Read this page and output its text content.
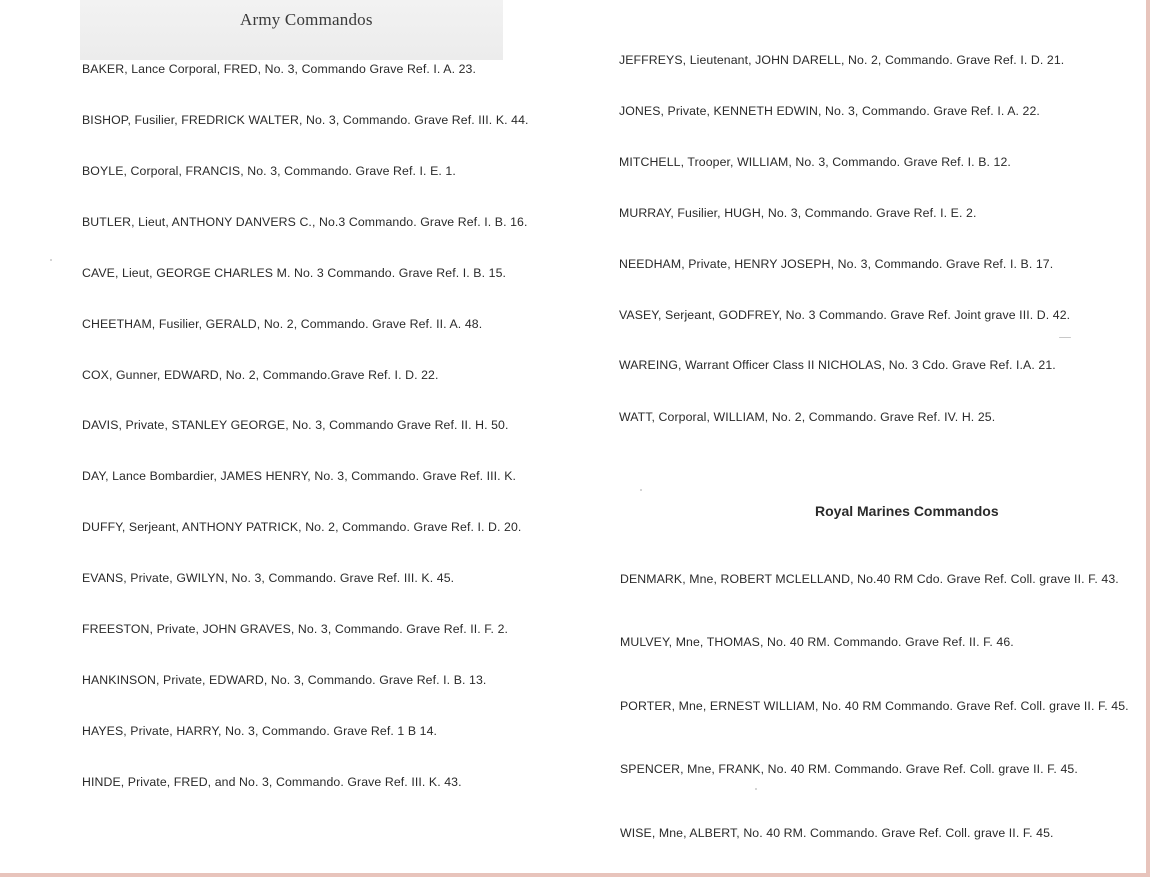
Army Commandos
BAKER, Lance Corporal, FRED, No. 3, Commando Grave Ref. I. A. 23.
BISHOP, Fusilier, FREDRICK WALTER, No. 3, Commando. Grave Ref. III. K. 44.
BOYLE, Corporal, FRANCIS, No. 3, Commando. Grave Ref. I. E. 1.
BUTLER, Lieut, ANTHONY DANVERS C., No.3 Commando. Grave Ref. I. B. 16.
CAVE, Lieut, GEORGE CHARLES M. No. 3 Commando. Grave Ref. I. B. 15.
CHEETHAM, Fusilier, GERALD, No. 2, Commando. Grave Ref. II. A. 48.
COX, Gunner, EDWARD, No. 2, Commando.Grave Ref. I. D. 22.
DAVIS, Private, STANLEY GEORGE, No. 3, Commando Grave Ref. II. H. 50.
DAY, Lance Bombardier, JAMES HENRY, No. 3, Commando. Grave Ref. III. K.
DUFFY, Serjeant, ANTHONY PATRICK, No. 2, Commando. Grave Ref. I. D. 20.
EVANS, Private, GWILYN, No. 3, Commando. Grave Ref. III. K. 45.
FREESTON, Private, JOHN GRAVES, No. 3, Commando. Grave Ref. II. F. 2.
HANKINSON, Private, EDWARD, No. 3, Commando. Grave Ref. I. B. 13.
HAYES, Private, HARRY, No. 3, Commando. Grave Ref. 1 B 14.
HINDE, Private, FRED, and No. 3, Commando. Grave Ref. III. K. 43.
JEFFREYS, Lieutenant, JOHN DARELL, No. 2, Commando. Grave Ref. I. D. 21.
JONES, Private, KENNETH EDWIN, No. 3, Commando. Grave Ref. I. A. 22.
MITCHELL, Trooper, WILLIAM, No. 3, Commando. Grave Ref. I. B. 12.
MURRAY, Fusilier, HUGH, No. 3, Commando. Grave Ref. I. E. 2.
NEEDHAM, Private, HENRY JOSEPH, No. 3, Commando. Grave Ref. I. B. 17.
VASEY, Serjeant, GODFREY, No. 3 Commando. Grave Ref. Joint grave III. D. 42.
WAREING, Warrant Officer Class II NICHOLAS, No. 3 Cdo. Grave Ref. I.A. 21.
WATT, Corporal, WILLIAM, No. 2, Commando. Grave Ref. IV. H. 25.
Royal Marines Commandos
DENMARK, Mne, ROBERT MCLELLAND, No.40 RM Cdo. Grave Ref. Coll. grave II. F. 43.
MULVEY, Mne, THOMAS, No. 40 RM. Commando. Grave Ref. II. F. 46.
PORTER, Mne, ERNEST WILLIAM, No. 40 RM Commando. Grave Ref. Coll. grave II. F. 45.
SPENCER, Mne, FRANK, No. 40 RM. Commando. Grave Ref. Coll. grave II. F. 45.
WISE, Mne, ALBERT, No. 40 RM. Commando. Grave Ref. Coll. grave II. F. 45.
